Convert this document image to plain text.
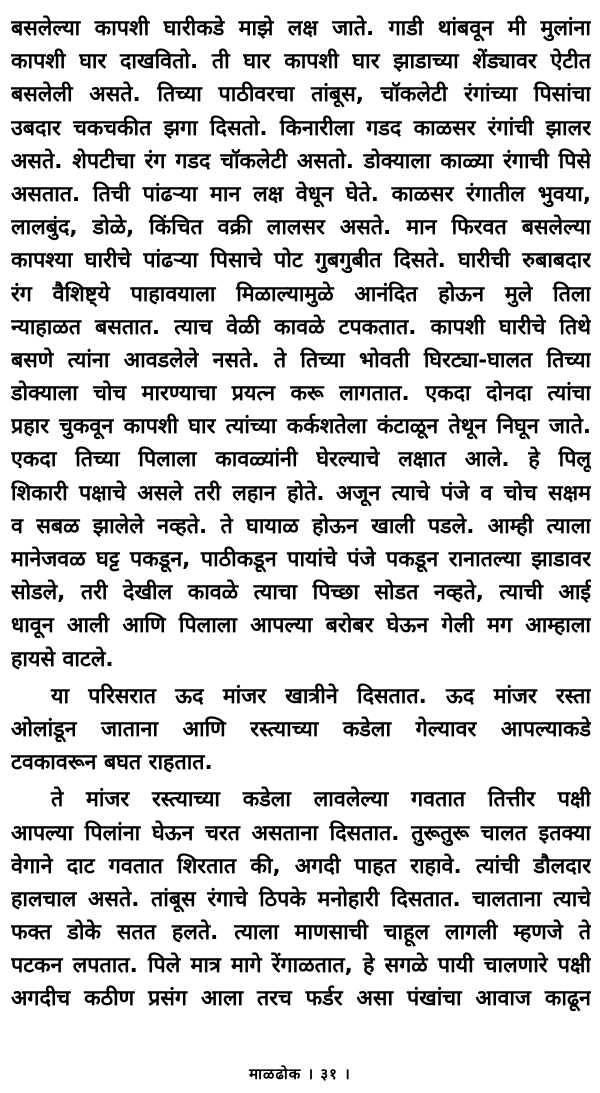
बसलेल्या कापशी घारीकडे माझे लक्ष जाते. गाडी थांबवून मी मुलांना
कापशी घार दाखवितो. ती घार कापशी घार झाडाच्या शेंड्यावर ऐटीत
बसलेली असते. तिच्या पाठीवरचा तांबूस, चॉकलेटी रंगांच्या पिसांचा
उबदार चकचकीत झगा दिसतो. किनारीला गडद काळसर रंगांची झालर
असते. शेपटीचा रंग गडद चॉकलेटी असतो. डोक्याला काळ्या रंगाची पिसे
असतात. तिची पांढऱ्या मान लक्ष वेधून घेते. काळसर रंगातील भुवया,
लालबुंद, डोळे, किंचित वक्री लालसर असते. मान फिरवत बसलेल्या
कापश्या घारीचे पांढऱ्या पिसाचे पोट गुबगुबीत दिसते. घारीची रुबाबदार
रंग वैशिष्ट्ये पाहावयाला मिळाल्यामुळे आनंदित होऊन मुले तिला
न्याहाळत बसतात. त्याच वेळी कावळे टपकतात. कापशी घारीचे तिथे
बसणे त्यांना आवडलेले नसते. ते तिच्या भोवती घिरट्या-घालत तिच्या
डोक्याला चोच मारण्याचा प्रयत्न करू लागतात. एकदा दोनदा त्यांचा
प्रहार चुकवून कापशी घार त्यांच्या कर्कशतेला कंटाळून तेथून निघून जाते.
एकदा तिच्या पिलाला कावळ्यांनी घेरल्याचे लक्षात आले. हे पिलू
शिकारी पक्षाचे असले तरी लहान होते. अजून त्याचे पंजे व चोच सक्षम
व सबळ झालेले नव्हते. ते घायाळ होऊन खाली पडले. आम्ही त्याला
मानेजवळ घट्ट पकडून, पाठीकडून पायांचे पंजे पकडून रानातल्या झाडावर
सोडले, तरी देखील कावळे त्याचा पिच्छा सोडत नव्हते, त्याची आई
धावून आली आणि पिलाला आपल्या बरोबर घेऊन गेली मग आम्हाला
हायसे वाटले.
या परिसरात ऊद मांजर खात्रीने दिसतात. ऊद मांजर रस्ता
ओलांडून जाताना आणि रस्त्याच्या कडेला गेल्यावर आपल्याकडे
टवकावरून बघत राहतात.
ते मांजर रस्त्याच्या कडेला लावलेल्या गवतात तित्तीर पक्षी
आपल्या पिलांना घेऊन चरत असताना दिसतात. तुरूतुरू चालत इतक्या
वेगाने दाट गवतात शिरतात की, अगदी पाहत राहावे. त्यांची डौलदार
हालचाल असते. तांबूस रंगाचे ठिपके मनोहारी दिसतात. चालताना त्याचे
फक्त डोके सतत हलते. त्याला माणसाची चाहूल लागली म्हणजे ते
पटकन लपतात. पिले मात्र मागे रेंगाळतात, हे सगळे पायी चालणारे पक्षी
अगदीच कठीण प्रसंग आला तरच फर्डर असा पंखांचा आवाज काढून
माळढोक । ३१ ।
